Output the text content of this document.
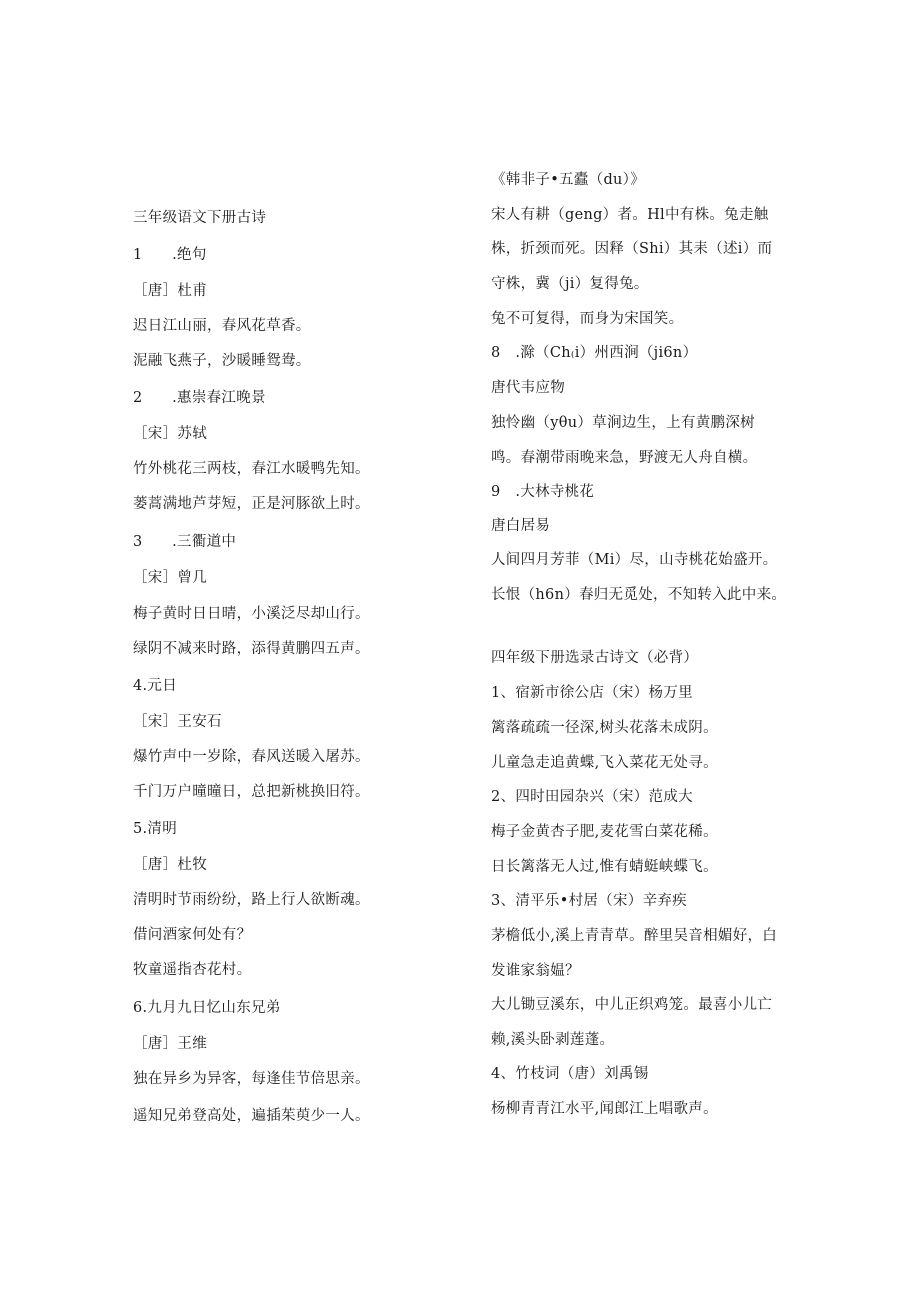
三年级语文下册古诗
1　　.绝句
［唐］杜甫
迟日江山丽，春风花草香。
泥融飞燕子，沙暖睡鸳鸯。
2　　.惠崇春江晚景
［宋］苏轼
竹外桃花三两枝，春江水暖鸭先知。
蒌蒿满地芦芽短，正是河豚欲上时。
3　　.三衢道中
［宋］曾几
梅子黄时日日晴，小溪泛尽却山行。
绿阴不减来时路，添得黄鹏四五声。
4.元日
［宋］王安石
爆竹声中一岁除，春风送暖入屠苏。
千门万户曈曈日，总把新桃换旧符。
5.清明
［唐］杜牧
清明时节雨纷纷，路上行人欲断魂。
借问酒家何处有？
牧童遥指杏花村。
6.九月九日忆山东兄弟
［唐］王维
独在异乡为异客，每逢佳节倍思亲。
遥知兄弟登高处，遍插茱萸少一人。
《韩非子•五蠹（du）》
宋人有耕（geng）者。Hl中有株。兔走触
株，折颈而死。因释（Shi）其耒（述i）而
守株，冀（ji）复得兔。
兔不可复得，而身为宋国笑。
8　.滁（Ch₍i）州西涧（ji6n）
唐代韦应物
独怜幽（yθu）草涧边生，上有黄鹏深树
鸣。春潮带雨晚来急，野渡无人舟自横。
9　.大林寺桃花
唐白居易
人间四月芳菲（Mi）尽，山寺桃花始盛开。
长恨（h6n）春归无觅处，不知转入此中来。
四年级下册选录古诗文（必背）
1、宿新市徐公店（宋）杨万里
篱落疏疏一径深,树头花落未成阴。
儿童急走追黄蝶,飞入菜花无处寻。
2、四时田园杂兴（宋）范成大
梅子金黄杏子肥,麦花雪白菜花稀。
日长篱落无人过,惟有蜻蜓峡蝶飞。
3、清平乐•村居（宋）辛弃疾
茅檐低小,溪上青青草。醉里吴音相媚好，白
发谁家翁媪？
大儿锄豆溪东，中儿正织鸡笼。最喜小儿亡
赖,溪头卧剥莲蓬。
4、竹枝词（唐）刘禹锡
杨柳青青江水平,闻郎江上唱歌声。
